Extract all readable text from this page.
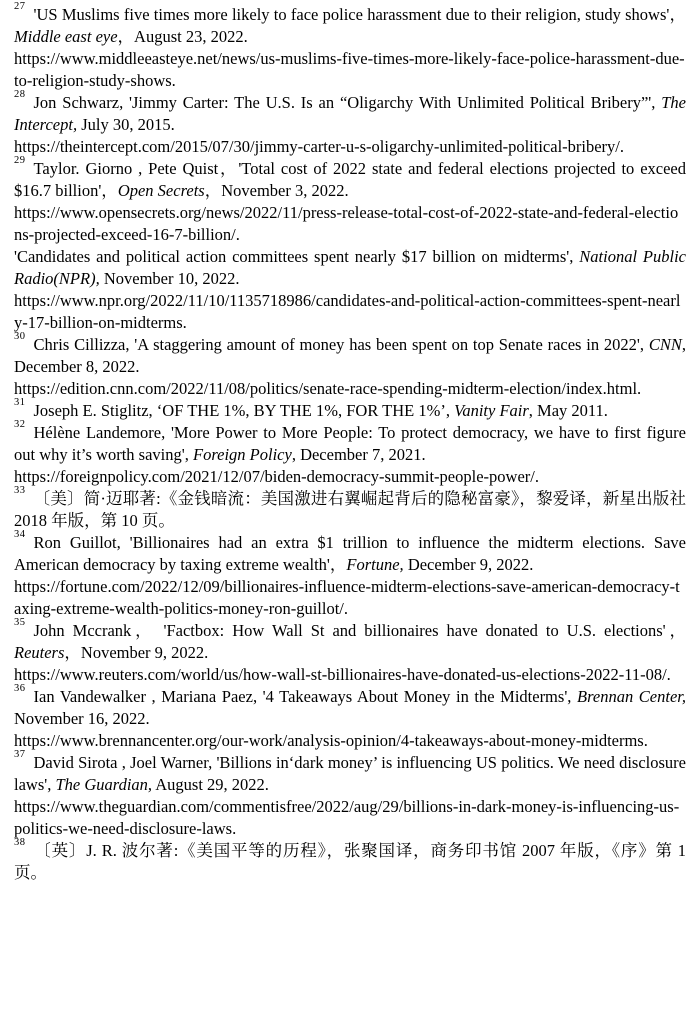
$^{27}$ 'US Muslims five times more likely to face police harassment due to their religion, study shows'，Middle east eye，August 23, 2022.
https://www.middleeasteye.net/news/us-muslims-five-times-more-likely-face-police-harassment-due-to-religion-study-shows.

$^{28}$ Jon Schwarz, 'Jimmy Carter: The U.S. Is an “Oligarchy With Unlimited Political Bribery”', The Intercept, July 30, 2015.
https://theintercept.com/2015/07/30/jimmy-carter-u-s-oligarchy-unlimited-political-bribery/.

$^{29}$ Taylor. Giorno , Pete Quist，'Total cost of 2022 state and federal elections projected to exceed $16.7 billion'，Open Secrets，November 3, 2022.
https://www.opensecrets.org/news/2022/11/press-release-total-cost-of-2022-state-and-federal-elections-projected-exceed-16-7-billion/.
'Candidates and political action committees spent nearly $17 billion on midterms', National Public Radio(NPR), November 10, 2022.
https://www.npr.org/2022/11/10/1135718986/candidates-and-political-action-committees-spent-nearly-17-billion-on-midterms.

$^{30}$ Chris Cillizza, 'A staggering amount of money has been spent on top Senate races in 2022', CNN, December 8, 2022.
https://edition.cnn.com/2022/11/08/politics/senate-race-spending-midterm-election/index.html.

$^{31}$ Joseph E. Stiglitz, ‘OF THE 1%, BY THE 1%, FOR THE 1%’, Vanity Fair, May 2011.

$^{32}$ Hélène Landemore, 'More Power to More People: To protect democracy, we have to first figure out why it’s worth saving', Foreign Policy, December 7, 2021.
https://foreignpolicy.com/2021/12/07/biden-democracy-summit-people-power/.

$^{33}$ 〔美〕简·迈耶著:《金钱暗流：美国激进右翼崛起背后的隐秘富豪》，黎爱译，新星出版社 2018 年版，第 10 页。

$^{34}$ Ron Guillot, 'Billionaires had an extra $1 trillion to influence the midterm elections. Save American democracy by taxing extreme wealth'，Fortune, December 9, 2022.
https://fortune.com/2022/12/09/billionaires-influence-midterm-elections-save-american-democracy-taxing-extreme-wealth-politics-money-ron-guillot/.

$^{35}$ John Mccrank， 'Factbox: How Wall St and billionaires have donated to U.S. elections'，Reuters，November 9, 2022.
https://www.reuters.com/world/us/how-wall-st-billionaires-have-donated-us-elections-2022-11-08/.

$^{36}$ Ian Vandewalker , Mariana Paez, '4 Takeaways About Money in the Midterms', Brennan Center, November 16, 2022.
https://www.brennancenter.org/our-work/analysis-opinion/4-takeaways-about-money-midterms.

$^{37}$ David Sirota , Joel Warner, 'Billions in‘dark money’ is influencing US politics. We need disclosure laws', The Guardian, August 29, 2022.
https://www.theguardian.com/commentisfree/2022/aug/29/billions-in-dark-money-is-influencing-us-politics-we-need-disclosure-laws.

$^{38}$ 〔英〕J. R. 波尔著:《美国平等的历程》，张聚国译，商务印书馆 2007 年版，《序》第 1 页。
